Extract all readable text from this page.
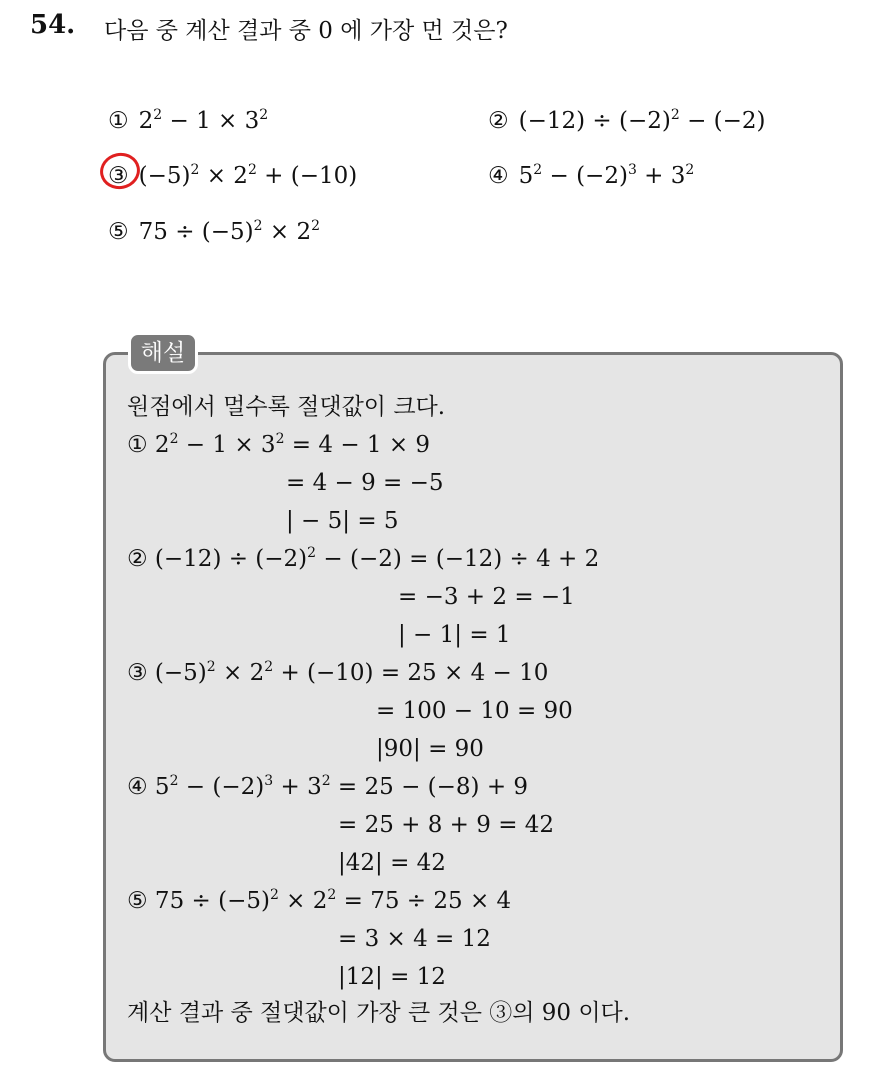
54. 다음 중 계산 결과 중 0 에 가장 먼 것은?
① $2^2 - 1 \times 3^2$	② $(-12) \div (-2)^2 - (-2)$
③ $(-5)^2 \times 2^2 + (-10)$	④ $5^2 - (-2)^3 + 3^2$
⑤ $75 \div (-5)^2 \times 2^2$
해설
원점에서 멀수록 절댓값이 크다.
① $2^2 - 1 \times 3^2 = 4 - 1 \times 9$
= 4 − 9 = −5
| − 5| = 5
② $(-12) \div (-2)^2 - (-2) = (-12) \div 4 + 2$
= −3 + 2 = −1
| − 1| = 1
③ $(-5)^2 \times 2^2 + (-10) = 25 \times 4 - 10$
= 100 − 10 = 90
|90| = 90
④ $5^2 - (-2)^3 + 3^2 = 25 - (-8) + 9$
= 25 + 8 + 9 = 42
|42| = 42
⑤ $75 \div (-5)^2 \times 2^2 = 75 \div 25 \times 4$
= 3 × 4 = 12
|12| = 12
계산 결과 중 절댓값이 가장 큰 것은 ③의 90 이다.
